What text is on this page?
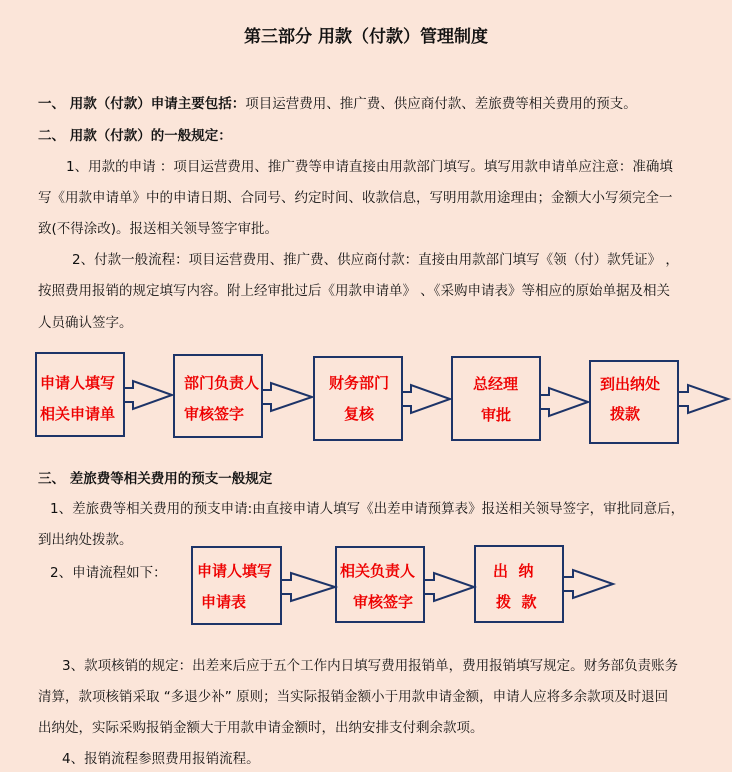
第三部分 用款（付款）管理制度
一、 用款（付款）申请主要包括：项目运营费用、推广费、供应商付款、差旅费等相关费用的预支。
二、 用款（付款）的一般规定：
1、用款的申请 ：项目运营费用、推广费等申请直接由用款部门填写。填写用款申请单应注意：准确填
写《用款申请单》中的申请日期、合同号、约定时间、收款信息，写明用款用途理由；金额大小写须完全一
致(不得涂改)。报送相关领导签字审批。
2、付款一般流程：项目运营费用、推广费、供应商付款：直接由用款部门填写《领（付）款凭证》 ，
按照费用报销的规定填写内容。附上经审批过后《用款申请单》 、《采购申请表》等相应的原始单据及相关
人员确认签字。
申请人填写
相关申请单
部门负责人
审核签字
财务部门
复核
总经理
审批
到出纳处
拨款
三、 差旅费等相关费用的预支一般规定
1、差旅费等相关费用的预支申请:由直接申请人填写《出差申请预算表》报送相关领导签字，审批同意后，
到出纳处拨款。
2、申请流程如下： 申请人填写
申请表
相关负责人
审核签字
出  纳
拨  款
3、款项核销的规定：出差来后应于五个工作内日填写费用报销单，费用报销填写规定。财务部负责账务
清算，款项核销采取 “多退少补” 原则；当实际报销金额小于用款申请金额，申请人应将多余款项及时退回
出纳处，实际采购报销金额大于用款申请金额时，出纳安排支付剩余款项。
4、报销流程参照费用报销流程。
